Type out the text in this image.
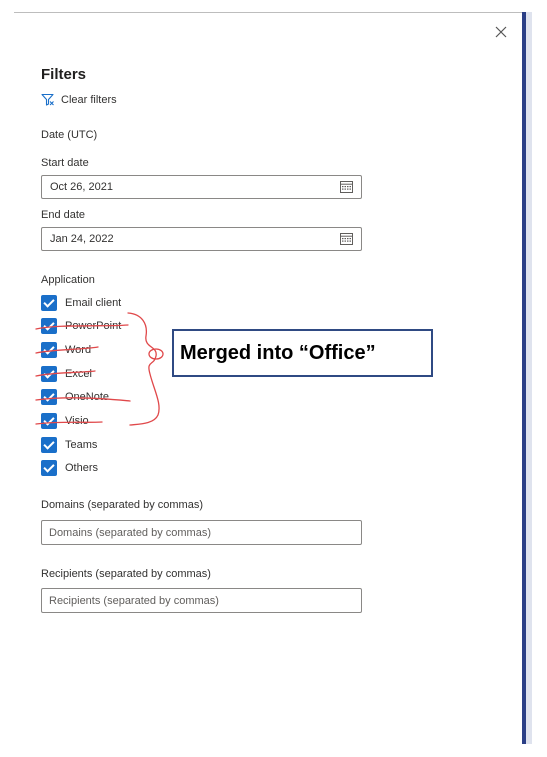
Filters
Clear filters
Date (UTC)
Start date
Oct 26, 2021
End date
Jan 24, 2022
Application
Email client
PowerPoint
Word
Excel
OneNote
Visio
Teams
Others
Domains (separated by commas)
Domains (separated by commas)
Recipients (separated by commas)
Recipients (separated by commas)
Merged into “Office”
